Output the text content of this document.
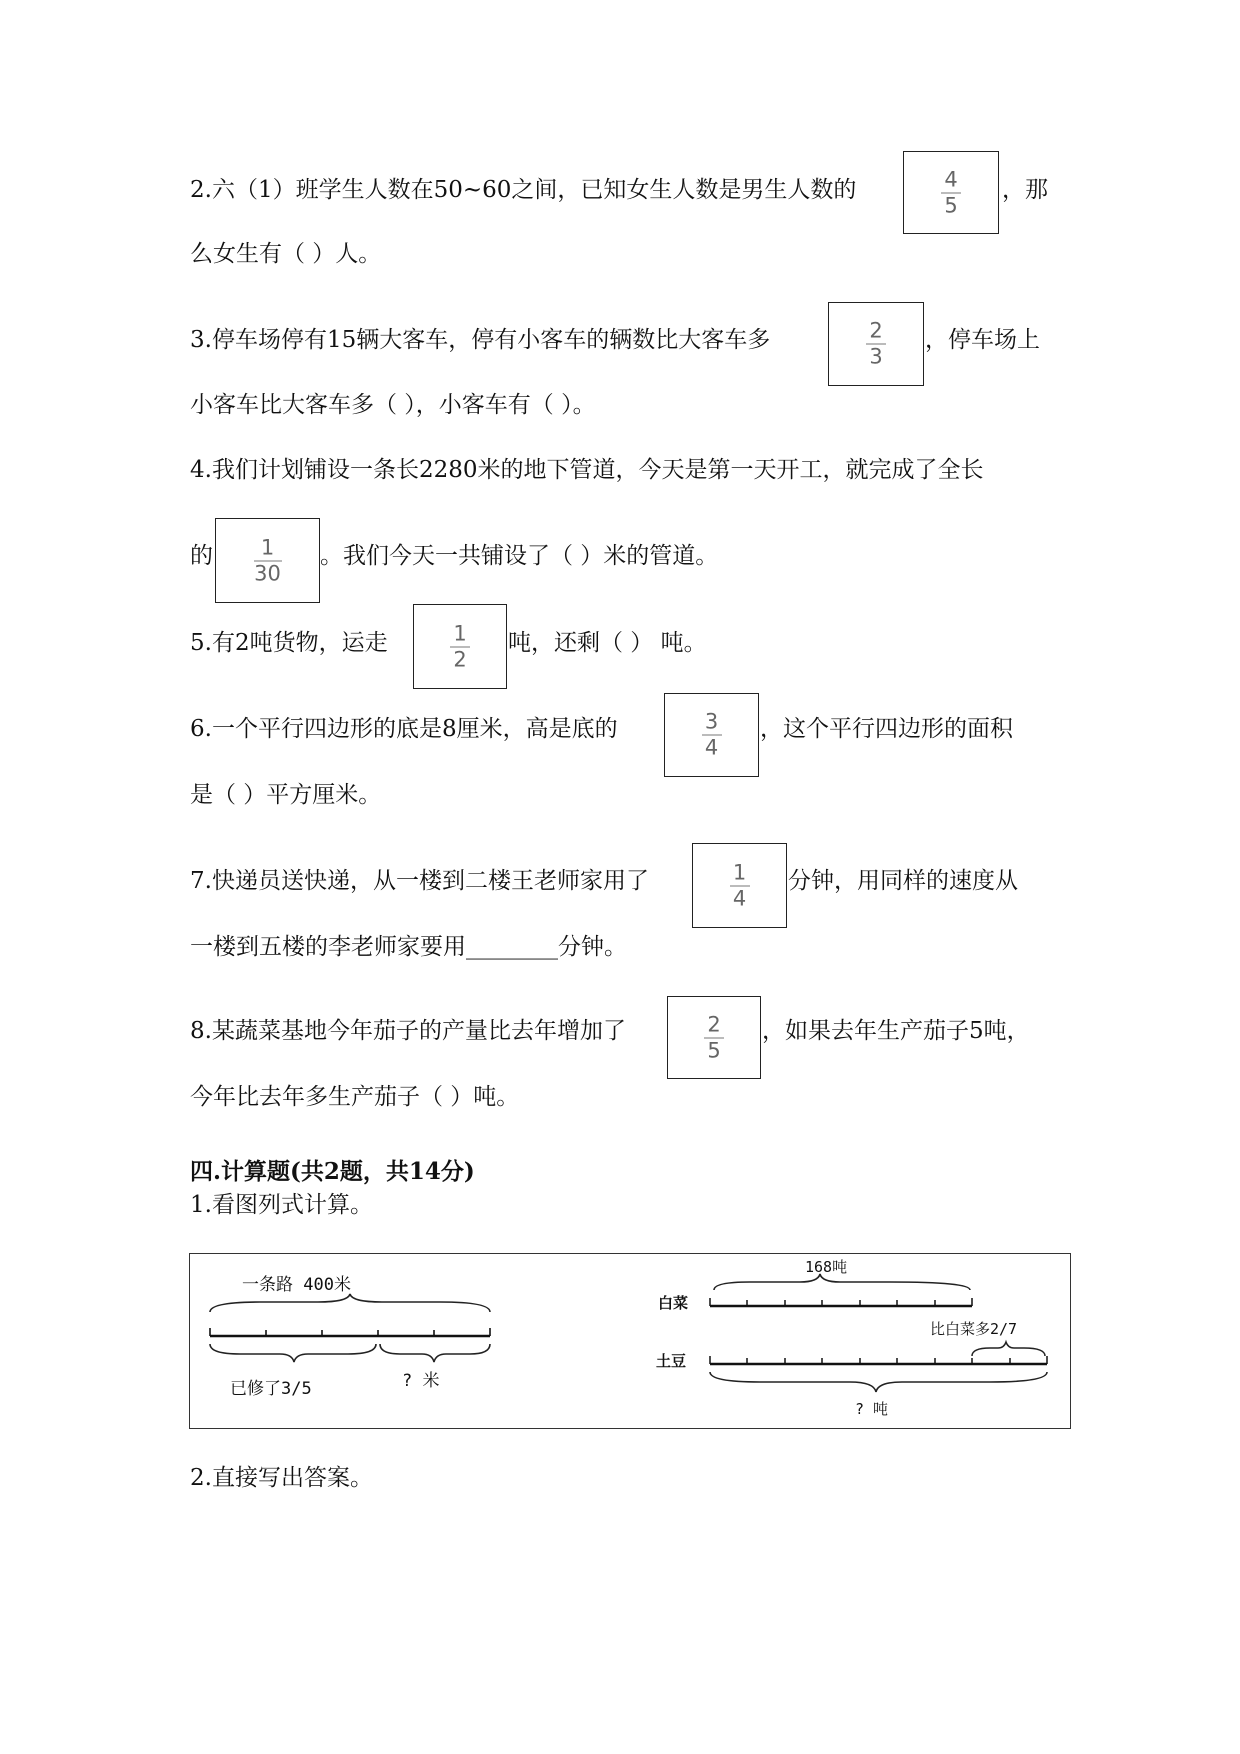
2.六（1）班学生人数在50~60之间，已知女生人数是男生人数的	4
5
，那
么女生有（ ）人。
3.停车场停有15辆大客车，停有小客车的辆数比大客车多	2
3
，停车场上
小客车比大客车多（ ），小客车有（ ）。
4.我们计划铺设一条长2280米的地下管道，今天是第一天开工，就完成了全长
的 1
30
。我们今天一共铺设了（ ）米的管道。
5.有2吨货物，运走	1
2
吨，还剩（ ） 吨。
6.一个平行四边形的底是8厘米，高是底的	3
4
，这个平行四边形的面积
是（ ）平方厘米。
7.快递员送快递，从一楼到二楼王老师家用了	1
4
分钟，用同样的速度从
一楼到五楼的李老师家要用________分钟。
8.某蔬菜基地今年茄子的产量比去年增加了	2
5
，如果去年生产茄子5吨，
今年比去年多生产茄子（ ）吨。
四.计算题(共2题，共14分)
1.看图列式计算。
一条路 400米
已修了3/5	? 米
168吨
白菜
比白菜多2/7
土豆
? 吨
2.直接写出答案。
